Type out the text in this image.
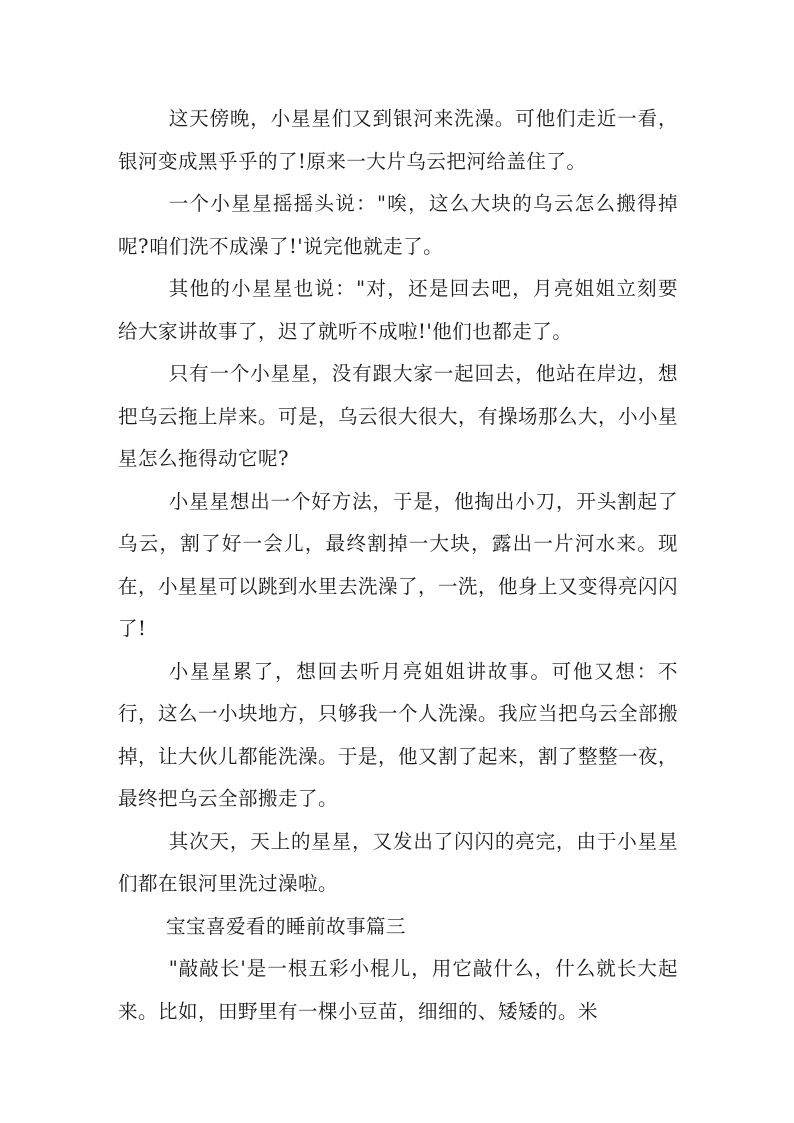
这天傍晚，小星星们又到银河来洗澡。可他们走近一看，银河变成黑乎乎的了!原来一大片乌云把河给盖住了。

一个小星星摇摇头说："唉，这么大块的乌云怎么搬得掉呢?咱们洗不成澡了!'说完他就走了。

其他的小星星也说："对，还是回去吧，月亮姐姐立刻要给大家讲故事了，迟了就听不成啦!'他们也都走了。

只有一个小星星，没有跟大家一起回去，他站在岸边，想把乌云拖上岸来。可是，乌云很大很大，有操场那么大，小小星星怎么拖得动它呢?

小星星想出一个好方法，于是，他掏出小刀，开头割起了乌云，割了好一会儿，最终割掉一大块，露出一片河水来。现在，小星星可以跳到水里去洗澡了，一洗，他身上又变得亮闪闪了!

小星星累了，想回去听月亮姐姐讲故事。可他又想：不行，这么一小块地方，只够我一个人洗澡。我应当把乌云全部搬掉，让大伙儿都能洗澡。于是，他又割了起来，割了整整一夜，最终把乌云全部搬走了。

其次天，天上的星星，又发出了闪闪的亮完，由于小星星们都在银河里洗过澡啦。

宝宝喜爱看的睡前故事篇三

"敲敲长'是一根五彩小棍儿，用它敲什么，什么就长大起来。比如，田野里有一棵小豆苗，细细的、矮矮的。米
